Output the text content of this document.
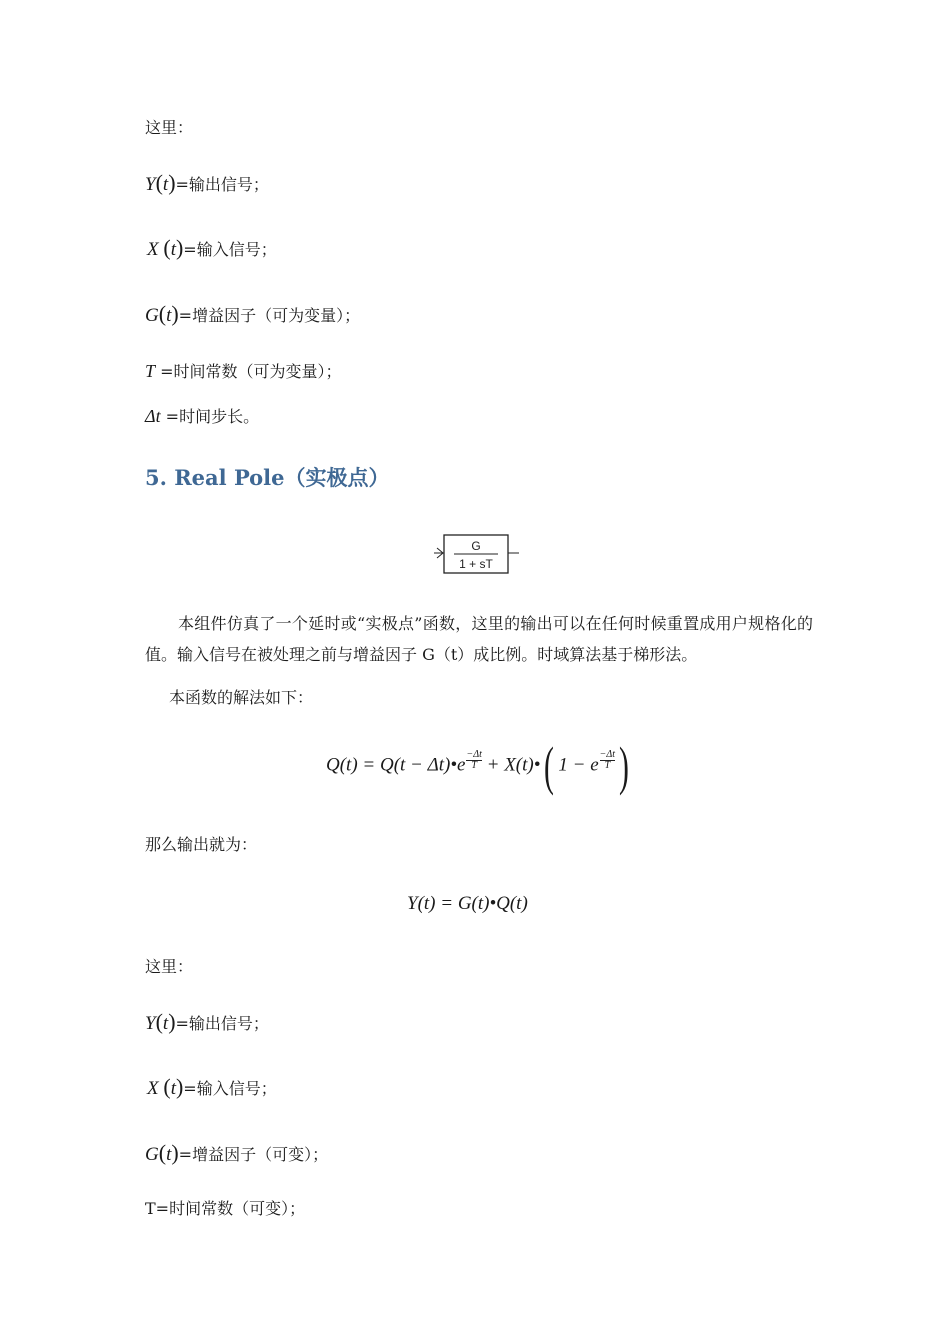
这里：
Y(t)=输出信号；
X (t)=输入信号；
G(t)=增益因子（可为变量）；
T =时间常数（可为变量）；
Δt =时间步长。
5. Real Pole（实极点）
G
1 + sT
本组件仿真了一个延时或“实极点”函数，这里的输出可以在任何时候重置成用户规格化的值。输入信号在被处理之前与增益因子 G（t）成比例。时域算法基于梯形法。
本函数的解法如下：
Q(t) = Q(t − Δt)•e $\frac{-\Delta t}{T}$ + X(t)•( 1 − e $\frac{-\Delta t}{T}$ )
那么输出就为：
Y(t) = G(t)•Q(t)
这里：
Y(t)=输出信号；
X (t)=输入信号；
G(t)=增益因子（可变）；
T=时间常数（可变）；
